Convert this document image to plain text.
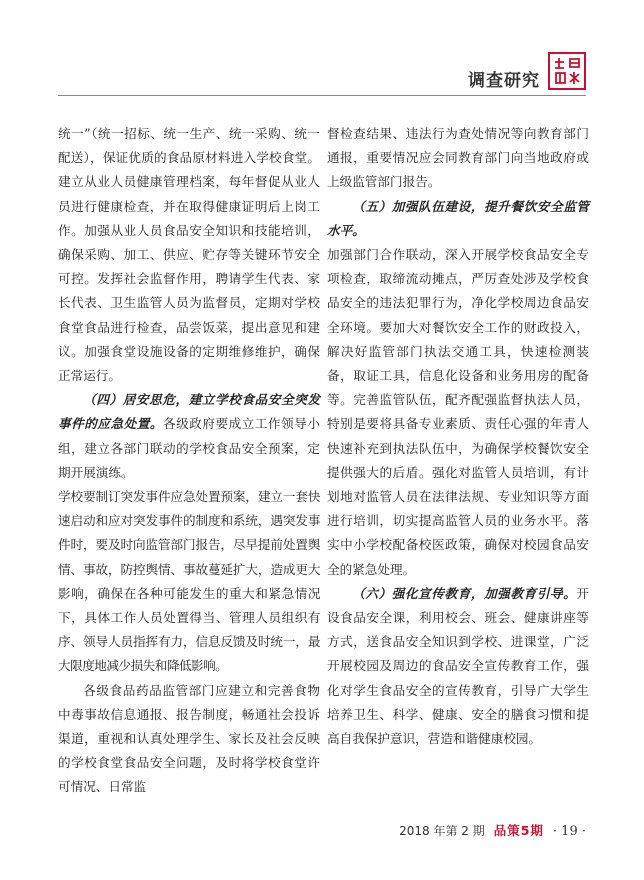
调查研究

统一”（统一招标、统一生产、统一采购、统一配送），保证优质的食品原材料进入学校食堂。建立从业人员健康管理档案，每年督促从业人员进行健康检查，并在取得健康证明后上岗工作。加强从业人员食品安全知识和技能培训，确保采购、加工、供应、贮存等关键环节安全可控。发挥社会监督作用，聘请学生代表、家长代表、卫生监管人员为监督员，定期对学校食堂食品进行检查，品尝饭菜，提出意见和建议。加强食堂设施设备的定期维修维护，确保正常运行。

（四）居安思危，建立学校食品安全突发事件的应急处置。各级政府要成立工作领导小组，建立各部门联动的学校食品安全预案，定期开展演练。

学校要制订突发事件应急处置预案，建立一套快速启动和应对突发事件的制度和系统，遇突发事件时，要及时向监管部门报告，尽早提前处置舆情、事故，防控舆情、事故蔓延扩大，造成更大影响，确保在各种可能发生的重大和紧急情况下，具体工作人员处置得当、管理人员组织有序、领导人员指挥有力，信息反馈及时统一，最大限度地减少损失和降低影响。

各级食品药品监管部门应建立和完善食物中毒事故信息通报、报告制度，畅通社会投诉渠道，重视和认真处理学生、家长及社会反映的学校食堂食品安全问题，及时将学校食堂许可情况、日常监

督检查结果、违法行为查处情况等向教育部门通报，重要情况应会同教育部门向当地政府或上级监管部门报告。

（五）加强队伍建设，提升餐饮安全监管水平。

加强部门合作联动，深入开展学校食品安全专项检查，取缔流动摊点，严厉查处涉及学校食品安全的违法犯罪行为，净化学校周边食品安全环境。要加大对餐饮安全工作的财政投入，解决好监管部门执法交通工具，快速检测装备，取证工具，信息化设备和业务用房的配备等。完善监管队伍，配齐配强监督执法人员，特别是要将具备专业素质、责任心强的年青人快速补充到执法队伍中，为确保学校餐饮安全提供强大的后盾。强化对监管人员培训，有计划地对监管人员在法律法规、专业知识等方面进行培训，切实提高监管人员的业务水平。落实中小学校配备校医政策，确保对校园食品安全的紧急处理。

（六）强化宣传教育，加强教育引导。开设食品安全课，利用校会、班会、健康讲座等方式，送食品安全知识到学校、进课堂，广泛开展校园及周边的食品安全宣传教育工作，强化对学生食品安全的宣传教育，引导广大学生培养卫生、科学、健康、安全的膳食习惯和提高自我保护意识，营造和谐健康校园。

2018 年第 2 期 品策5期 · 19 ·
